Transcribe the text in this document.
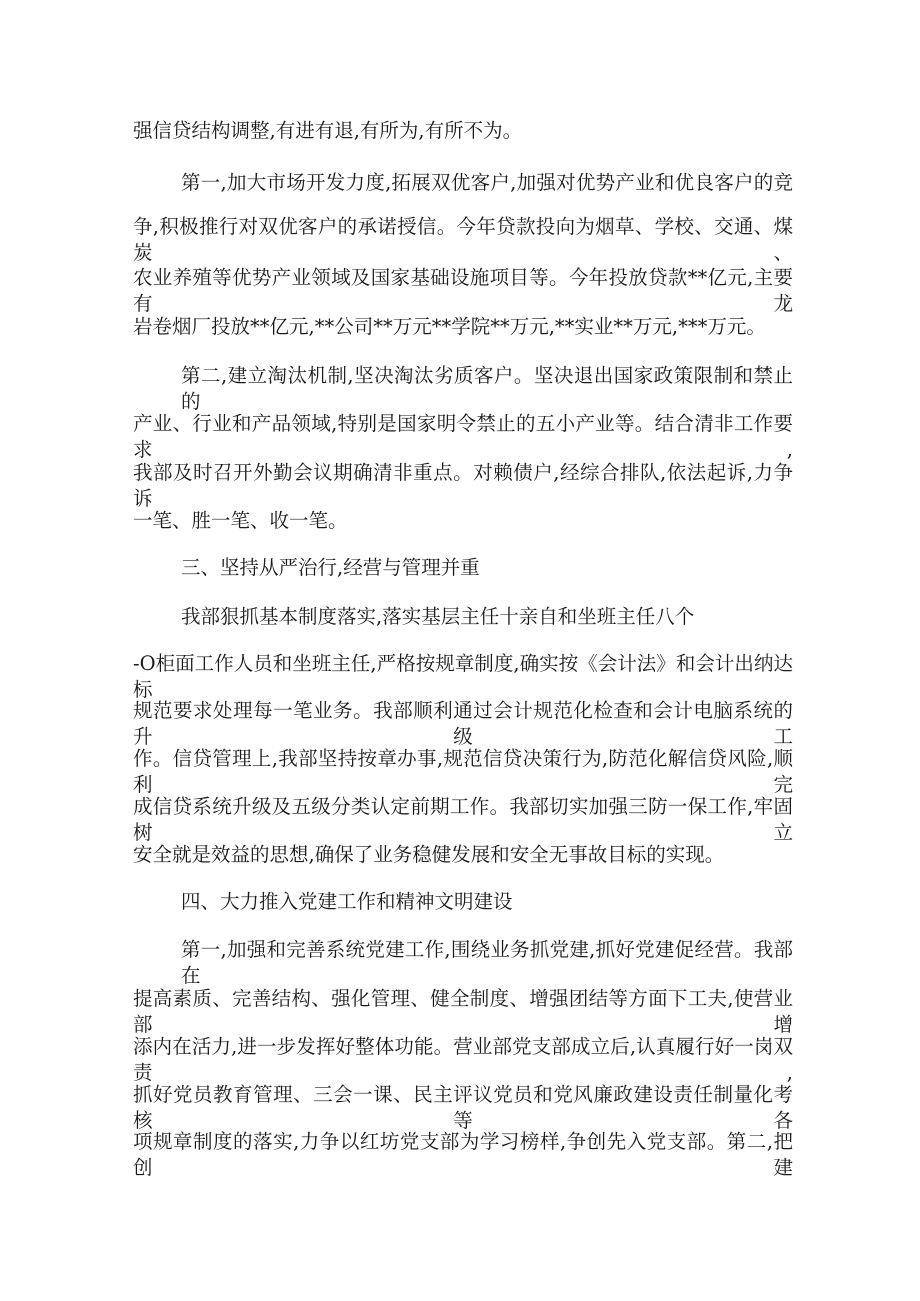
强信贷结构调整,有进有退,有所为,有所不为。
第一,加大市场开发力度,拓展双优客户,加强对优势产业和优良客户的竞
争,积极推行对双优客户的承诺授信。今年贷款投向为烟草、学校、交通、煤炭、
农业养殖等优势产业领域及国家基础设施项目等。今年投放贷款**亿元,主要有龙
岩卷烟厂投放**亿元,**公司**万元**学院**万元,**实业**万元,***万元。
第二,建立淘汰机制,坚决淘汰劣质客户。坚决退出国家政策限制和禁止的
产业、行业和产品领域,特别是国家明令禁止的五小产业等。结合清非工作要求,
我部及时召开外勤会议期确清非重点。对赖债户,经综合排队,依法起诉,力争诉
一笔、胜一笔、收一笔。
三、坚持从严治行,经营与管理并重
我部狠抓基本制度落实,落实基层主任十亲自和坐班主任八个
-O柜面工作人员和坐班主任,严格按规章制度,确实按《会计法》和会计出纳达标
规范要求处理每一笔业务。我部顺利通过会计规范化检查和会计电脑系统的升级工
作。信贷管理上,我部坚持按章办事,规范信贷决策行为,防范化解信贷风险,顺利完
成信贷系统升级及五级分类认定前期工作。我部切实加强三防一保工作,牢固树立
安全就是效益的思想,确保了业务稳健发展和安全无事故目标的实现。
四、大力推入党建工作和精神文明建设
第一,加强和完善系统党建工作,围绕业务抓党建,抓好党建促经营。我部在
提高素质、完善结构、强化管理、健全制度、增强团结等方面下工夫,使营业部增
添内在活力,进一步发挥好整体功能。营业部党支部成立后,认真履行好一岗双责,
抓好党员教育管理、三会一课、民主评议党员和党风廉政建设责任制量化考核等各
项规章制度的落实,力争以红坊党支部为学习榜样,争创先入党支部。第二,把创建
